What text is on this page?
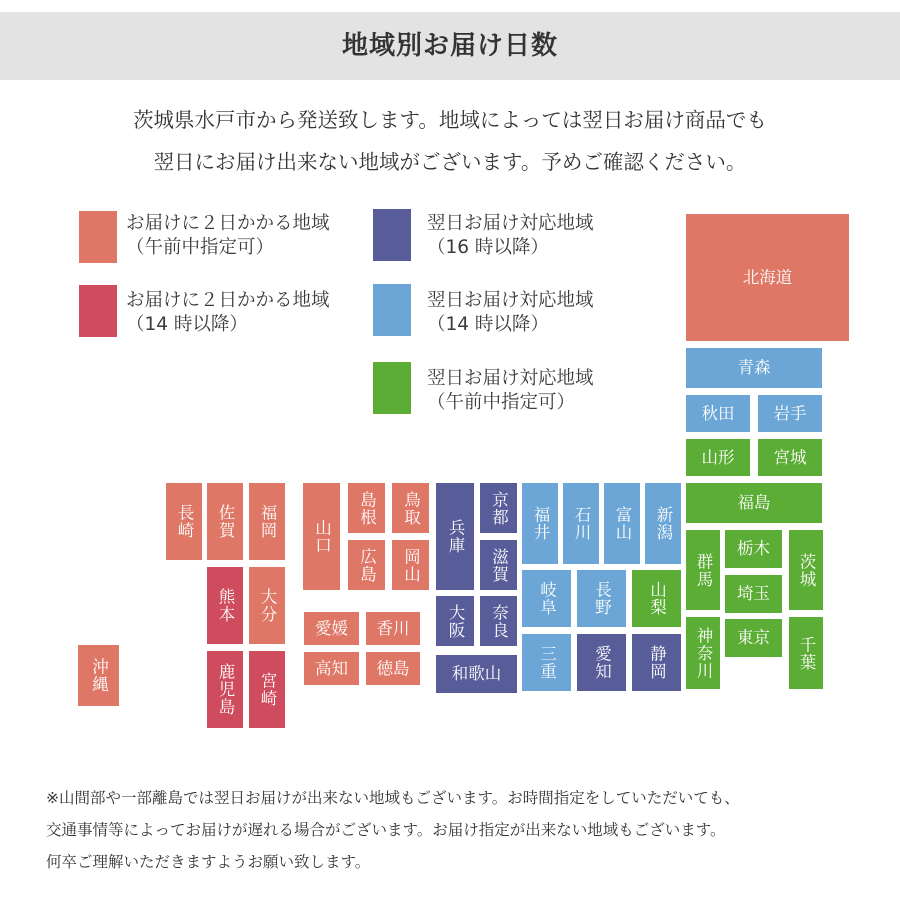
地域別お届け日数
茨城県水戸市から発送致します。地域によっては翌日お届け商品でも
翌日にお届け出来ない地域がございます。予めご確認ください。
お届けに２日かかる地域
（午前中指定可）
お届けに２日かかる地域
（14 時以降）
翌日お届け対応地域
（16 時以降）
翌日お届け対応地域
（14 時以降）
翌日お届け対応地域
（午前中指定可）
北海道
青森
秋田	岩手
山形	宮城
福島
群馬
栃木
茨城
埼玉
神奈川	東京	千葉
新潟
富山
石川
福井
長野	山梨
岐阜
静岡
愛知
三重
京都
滋賀
兵庫
大阪	奈良
和歌山
鳥取
島根
広島	岡山
山口
愛媛	香川
高知	徳島
福岡
佐賀
長崎
大分
熊本
宮崎
鹿児島
沖縄
※山間部や一部離島では翌日お届けが出来ない地域もございます。お時間指定をしていただいても、
交通事情等によってお届けが遅れる場合がございます。お届け指定が出来ない地域もございます。
何卒ご理解いただきますようお願い致します。
